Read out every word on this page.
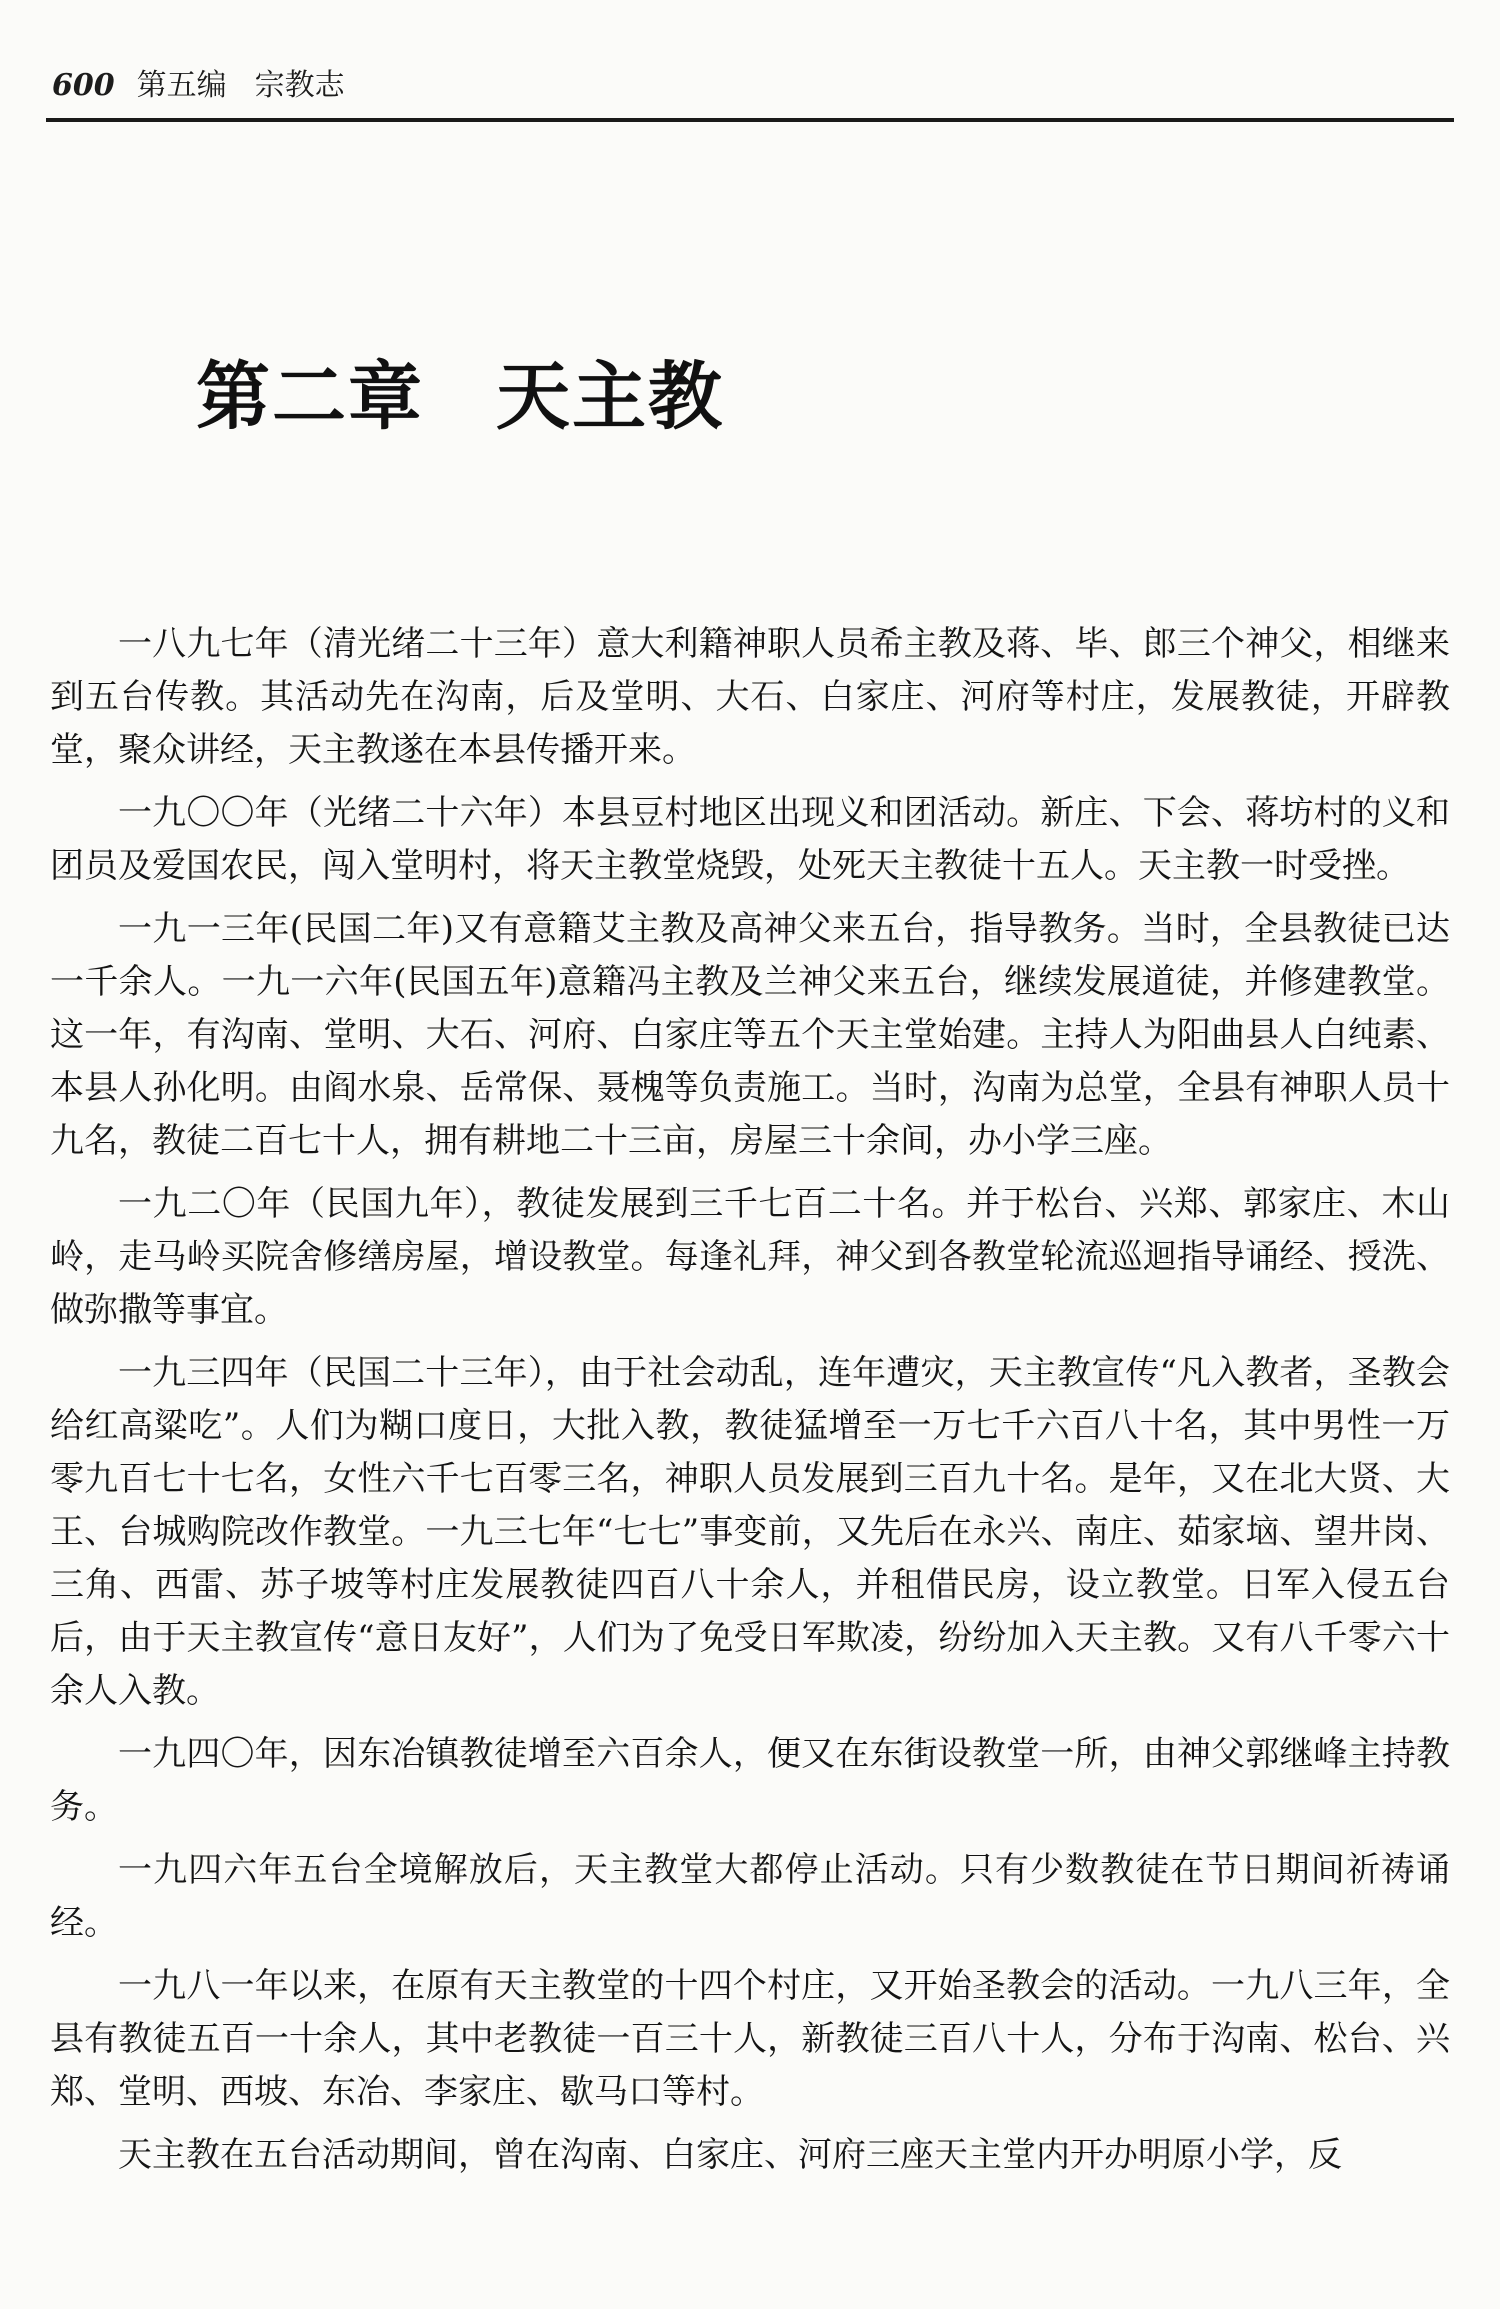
600 第五编 宗教志
第二章 天主教

一八九七年（清光绪二十三年）意大利籍神职人员希主教及蒋、毕、郎三个神父，相继来到五台传教。其活动先在沟南，后及堂明、大石、白家庄、河府等村庄，发展教徒，开辟教堂，聚众讲经，天主教遂在本县传播开来。

一九〇〇年（光绪二十六年）本县豆村地区出现义和团活动。新庄、下会、蒋坊村的义和团员及爱国农民，闯入堂明村，将天主教堂烧毁，处死天主教徒十五人。天主教一时受挫。

一九一三年(民国二年)又有意籍艾主教及高神父来五台，指导教务。当时，全县教徒已达一千余人。一九一六年(民国五年)意籍冯主教及兰神父来五台，继续发展道徒，并修建教堂。这一年，有沟南、堂明、大石、河府、白家庄等五个天主堂始建。主持人为阳曲县人白纯素、本县人孙化明。由阎水泉、岳常保、聂槐等负责施工。当时，沟南为总堂，全县有神职人员十九名，教徒二百七十人，拥有耕地二十三亩，房屋三十余间，办小学三座。

一九二〇年（民国九年），教徒发展到三千七百二十名。并于松台、兴郑、郭家庄、木山岭，走马岭买院舍修缮房屋，增设教堂。每逢礼拜，神父到各教堂轮流巡迴指导诵经、授洗、做弥撒等事宜。

一九三四年（民国二十三年），由于社会动乱，连年遭灾，天主教宣传“凡入教者，圣教会给红高粱吃”。人们为糊口度日，大批入教，教徒猛增至一万七千六百八十名，其中男性一万零九百七十七名，女性六千七百零三名，神职人员发展到三百九十名。是年，又在北大贤、大王、台城购院改作教堂。一九三七年“七七”事变前，又先后在永兴、南庄、茹家垴、望井岗、三角、西雷、苏子坡等村庄发展教徒四百八十余人，并租借民房，设立教堂。日军入侵五台后，由于天主教宣传“意日友好”，人们为了免受日军欺凌，纷纷加入天主教。又有八千零六十余人入教。

一九四〇年，因东冶镇教徒增至六百余人，便又在东街设教堂一所，由神父郭继峰主持教务。

一九四六年五台全境解放后，天主教堂大都停止活动。只有少数教徒在节日期间祈祷诵经。

一九八一年以来，在原有天主教堂的十四个村庄，又开始圣教会的活动。一九八三年，全县有教徒五百一十余人，其中老教徒一百三十人，新教徒三百八十人，分布于沟南、松台、兴郑、堂明、西坡、东冶、李家庄、歇马口等村。

天主教在五台活动期间，曾在沟南、白家庄、河府三座天主堂内开办明原小学，反
